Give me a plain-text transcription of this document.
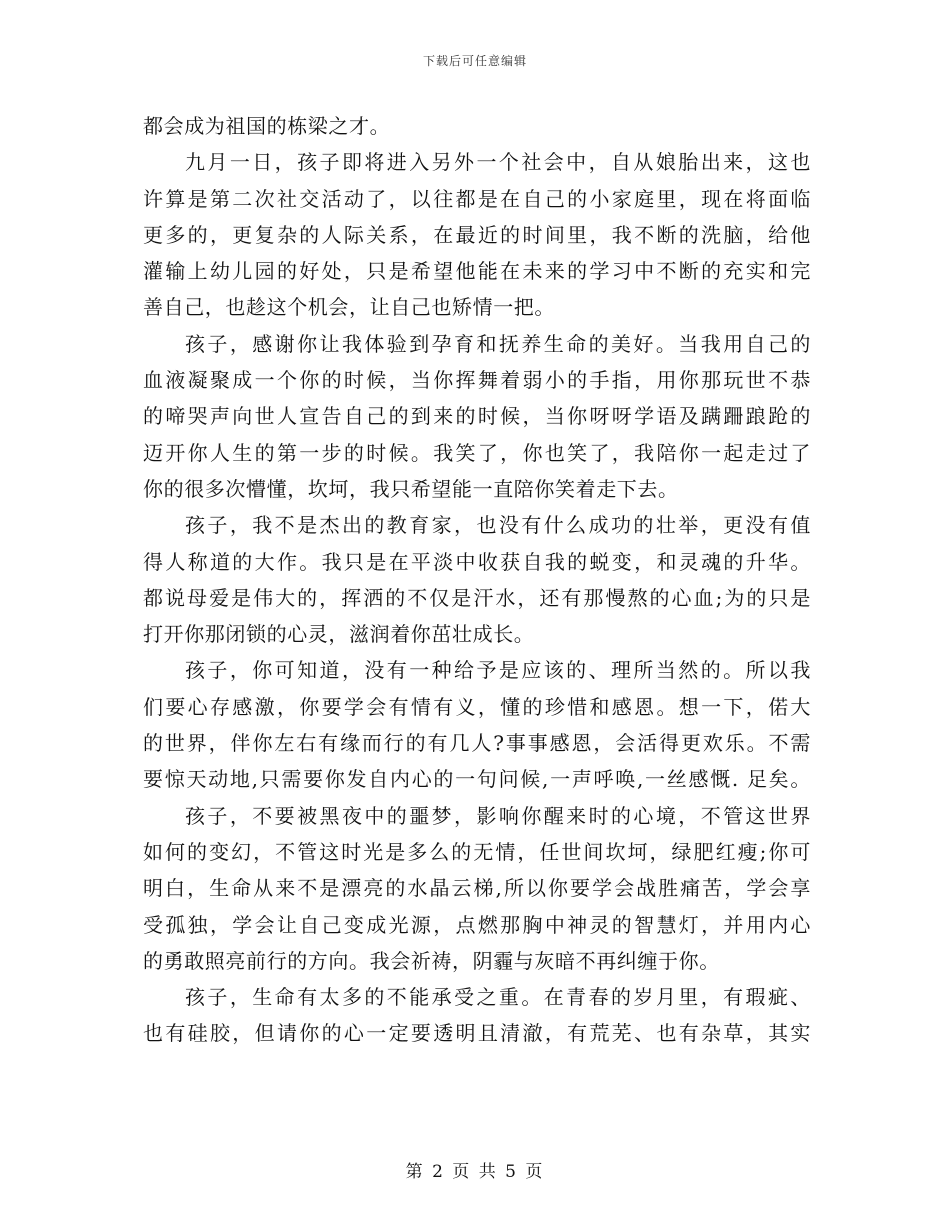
下载后可任意编辑
都会成为祖国的栋梁之才。
九月一日，孩子即将进入另外一个社会中，自从娘胎出来，这也
许算是第二次社交活动了，以往都是在自己的小家庭里，现在将面临
更多的，更复杂的人际关系，在最近的时间里，我不断的洗脑，给他
灌输上幼儿园的好处，只是希望他能在未来的学习中不断的充实和完
善自己，也趁这个机会，让自己也矫情一把。
孩子，感谢你让我体验到孕育和抚养生命的美好。当我用自己的
血液凝聚成一个你的时候，当你挥舞着弱小的手指，用你那玩世不恭
的啼哭声向世人宣告自己的到来的时候，当你呀呀学语及蹒跚踉跄的
迈开你人生的第一步的时候。我笑了，你也笑了，我陪你一起走过了
你的很多次懵懂，坎坷，我只希望能一直陪你笑着走下去。
孩子，我不是杰出的教育家，也没有什么成功的壮举，更没有值
得人称道的大作。我只是在平淡中收获自我的蜕变，和灵魂的升华。
都说母爱是伟大的，挥洒的不仅是汗水，还有那慢熬的心血;为的只是
打开你那闭锁的心灵，滋润着你茁壮成长。
孩子，你可知道，没有一种给予是应该的、理所当然的。所以我
们要心存感激，你要学会有情有义，懂的珍惜和感恩。想一下，偌大
的世界，伴你左右有缘而行的有几人?事事感恩，会活得更欢乐。不需
要惊天动地,只需要你发自内心的一句问候,一声呼唤,一丝感慨. 足矣。
孩子，不要被黑夜中的噩梦，影响你醒来时的心境，不管这世界
如何的变幻，不管这时光是多么的无情，任世间坎坷，绿肥红瘦;你可
明白，生命从来不是漂亮的水晶云梯,所以你要学会战胜痛苦，学会享
受孤独，学会让自己变成光源，点燃那胸中神灵的智慧灯，并用内心
的勇敢照亮前行的方向。我会祈祷，阴霾与灰暗不再纠缠于你。
孩子，生命有太多的不能承受之重。在青春的岁月里，有瑕疵、
也有硅胶，但请你的心一定要透明且清澈，有荒芜、也有杂草，其实
第 2 页 共 5 页
